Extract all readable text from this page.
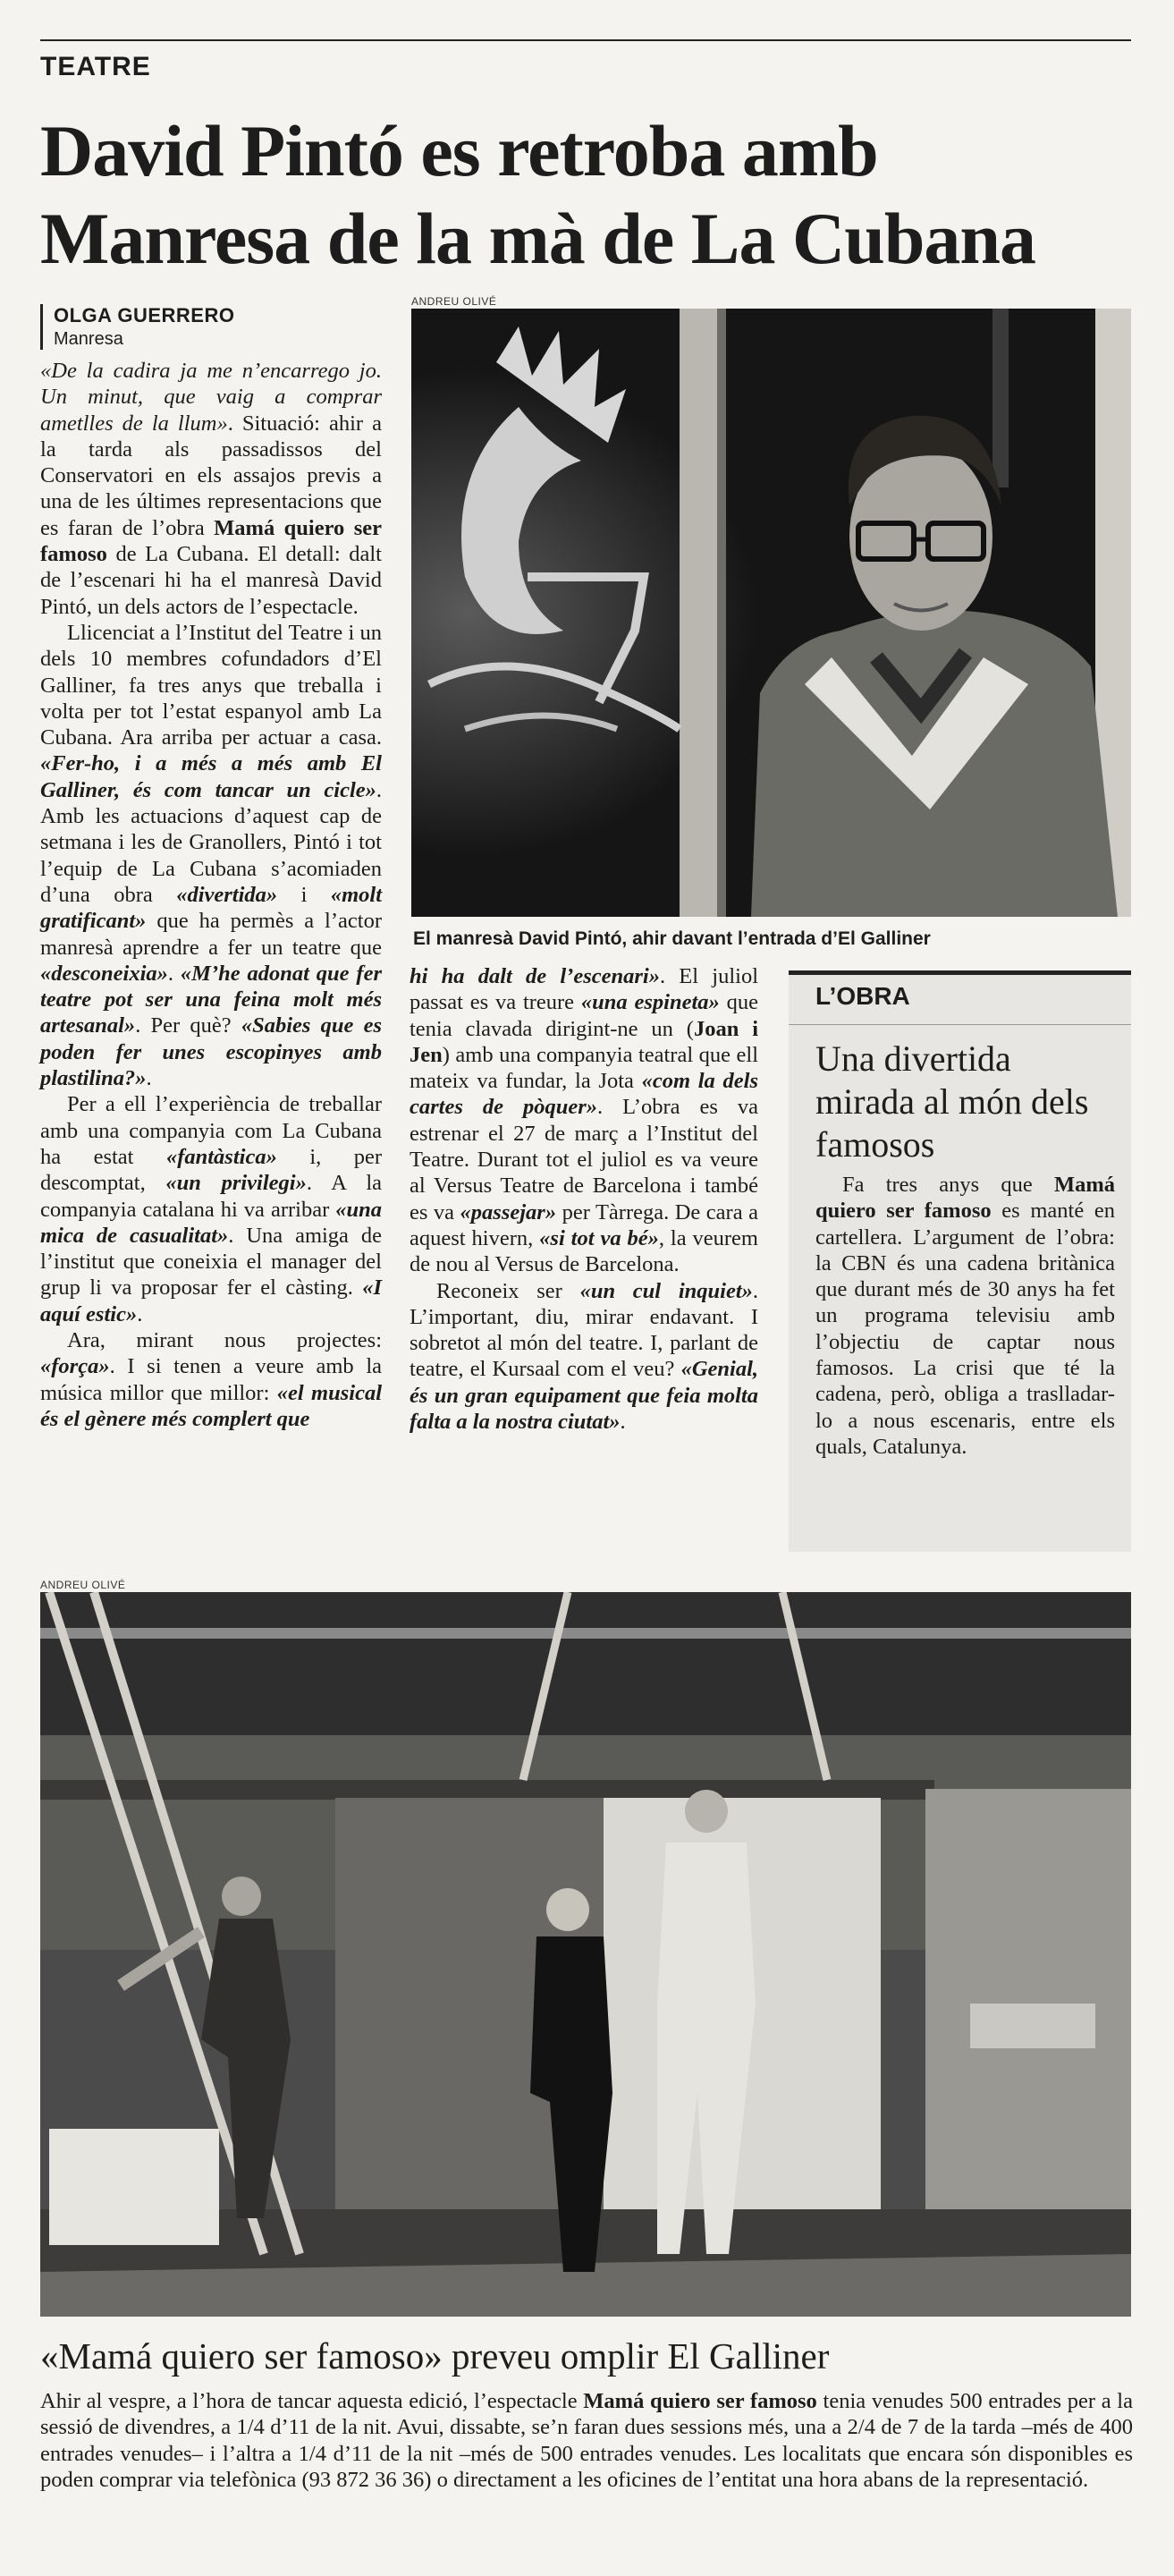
TEATRE
David Pintó es retroba amb
Manresa de la mà de La Cubana
OLGA GUERRERO
Manresa

«De la cadira ja me n’encarrego jo. Un minut, que vaig a comprar ametlles de la llum». Situació: ahir a la tarda als passadissos del Conservatori en els assajos previs a una de les últimes representacions que es faran de l’obra Mamá quiero ser famoso de La Cubana. El detall: dalt de l’escenari hi ha el manresà David Pintó, un dels actors de l’espectacle.

Llicenciat a l’Institut del Teatre i un dels 10 membres cofundadors d’El Galliner, fa tres anys que treballa i volta per tot l’estat espanyol amb La Cubana. Ara arriba per actuar a casa. «Fer-ho, i a més a més amb El Galliner, és com tancar un cicle». Amb les actuacions d’aquest cap de setmana i les de Granollers, Pintó i tot l’equip de La Cubana s’acomiaden d’una obra «divertida» i «molt gratificant» que ha permès a l’actor manresà aprendre a fer un teatre que «desconeixia». «M’he adonat que fer teatre pot ser una feina molt més artesanal». Per què? «Sabies que es poden fer unes escopinyes amb plastilina?».

Per a ell l’experiència de treballar amb una companyia com La Cubana ha estat «fantàstica» i, per descomptat, «un privilegi». A la companyia catalana hi va arribar «una mica de casualitat». Una amiga de l’institut que coneixia el manager del grup li va proposar fer el càsting. «I aquí estic».

Ara, mirant nous projectes: «força». I si tenen a veure amb la música millor que millor: «el musical és el gènere més complert que

ANDREU OLIVÉ
El manresà David Pintó, ahir davant l’entrada d’El Galliner

hi ha dalt de l’escenari». El juliol passat es va treure «una espineta» que tenia clavada dirigint-ne un (Joan i Jen) amb una companyia teatral que ell mateix va fundar, la Jota «com la dels cartes de pòquer». L’obra es va estrenar el 27 de març a l’Institut del Teatre. Durant tot el juliol es va veure al Versus Teatre de Barcelona i també es va «passejar» per Tàrrega. De cara a aquest hivern, «si tot va bé», la veurem de nou al Versus de Barcelona.

Reconeix ser «un cul inquiet». L’important, diu, mirar endavant. I sobretot al món del teatre. I, parlant de teatre, el Kursaal com el veu? «Genial, és un gran equipament que feia molta falta a la nostra ciutat».

L’OBRA
Una divertida mirada al món dels famosos

Fa tres anys que Mamá quiero ser famoso es manté en cartellera. L’argument de l’obra: la CBN és una cadena britànica que durant més de 30 anys ha fet un programa televisiu amb l’objectiu de captar nous famosos. La crisi que té la cadena, però, obliga a traslladar-lo a nous escenaris, entre els quals, Catalunya.

ANDREU OLIVÉ
«Mamá quiero ser famoso» preveu omplir El Galliner

Ahir al vespre, a l’hora de tancar aquesta edició, l’espectacle Mamá quiero ser famoso tenia venudes 500 entrades per a la sessió de divendres, a 1/4 d’11 de la nit. Avui, dissabte, se’n faran dues sessions més, una a 2/4 de 7 de la tarda –més de 400 entrades venudes– i l’altra a 1/4 d’11 de la nit –més de 500 entrades venudes. Les localitats que encara són disponibles es poden comprar via telefònica (93 872 36 36) o directament a les oficines de l’entitat una hora abans de la representació.
